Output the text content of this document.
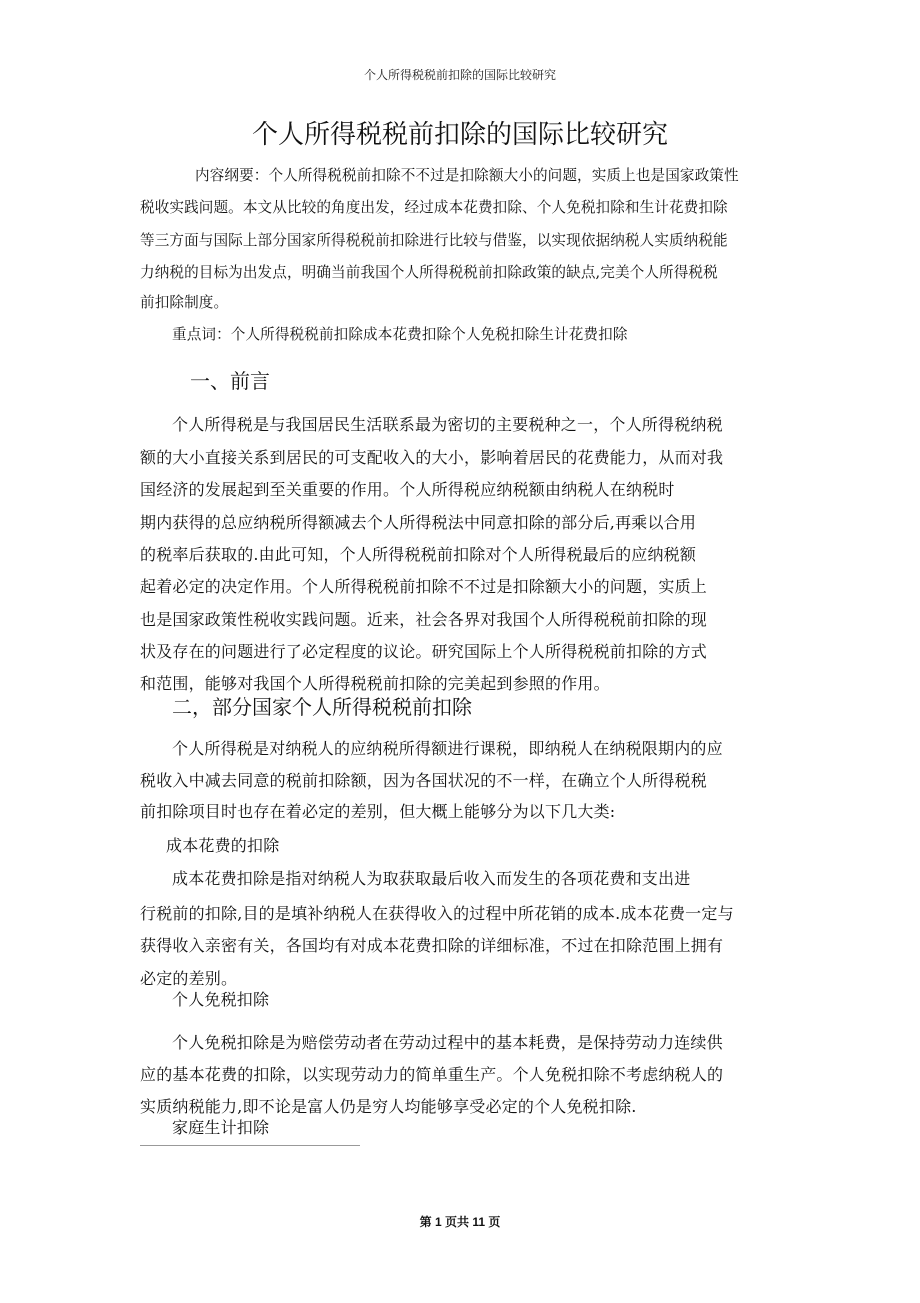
个人所得税税前扣除的国际比较研究
个人所得税税前扣除的国际比较研究
内容纲要：个人所得税税前扣除不不过是扣除额大小的问题，实质上也是国家政策性
税收实践问题。本文从比较的角度出发，经过成本花费扣除、个人免税扣除和生计花费扣除
等三方面与国际上部分国家所得税税前扣除进行比较与借鉴，以实现依据纳税人实质纳税能
力纳税的目标为出发点，明确当前我国个人所得税税前扣除政策的缺点,完美个人所得税税
前扣除制度。
重点词：个人所得税税前扣除成本花费扣除个人免税扣除生计花费扣除
一、前言
个人所得税是与我国居民生活联系最为密切的主要税种之一，个人所得税纳税
额的大小直接关系到居民的可支配收入的大小，影响着居民的花费能力，从而对我
国经济的发展起到至关重要的作用。个人所得税应纳税额由纳税人在纳税时
期内获得的总应纳税所得额减去个人所得税法中同意扣除的部分后,再乘以合用
的税率后获取的.由此可知，个人所得税税前扣除对个人所得税最后的应纳税额
起着必定的决定作用。个人所得税税前扣除不不过是扣除额大小的问题，实质上
也是国家政策性税收实践问题。近来，社会各界对我国个人所得税税前扣除的现
状及存在的问题进行了必定程度的议论。研究国际上个人所得税税前扣除的方式
和范围，能够对我国个人所得税税前扣除的完美起到参照的作用。
二，部分国家个人所得税税前扣除
个人所得税是对纳税人的应纳税所得额进行课税，即纳税人在纳税限期内的应
税收入中减去同意的税前扣除额，因为各国状况的不一样，在确立个人所得税税
前扣除项目时也存在着必定的差别，但大概上能够分为以下几大类:
成本花费的扣除
成本花费扣除是指对纳税人为取获取最后收入而发生的各项花费和支出进
行税前的扣除,目的是填补纳税人在获得收入的过程中所花销的成本.成本花费一定与
获得收入亲密有关，各国均有对成本花费扣除的详细标准，不过在扣除范围上拥有
必定的差别。
个人免税扣除
个人免税扣除是为赔偿劳动者在劳动过程中的基本耗费，是保持劳动力连续供
应的基本花费的扣除，以实现劳动力的简单重生产。个人免税扣除不考虑纳税人的
实质纳税能力,即不论是富人仍是穷人均能够享受必定的个人免税扣除.
家庭生计扣除
第 1 页共 11 页
